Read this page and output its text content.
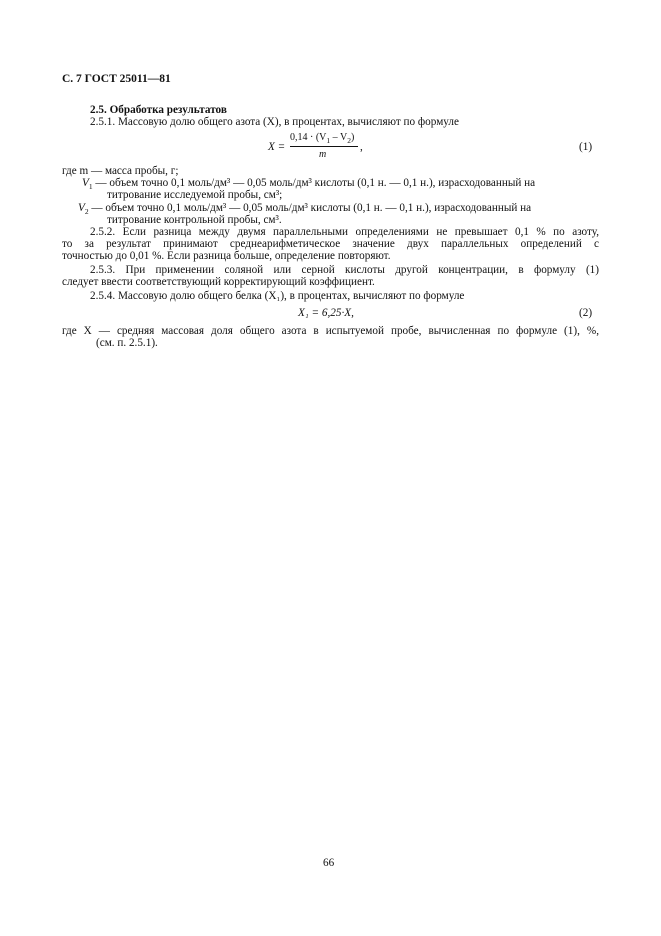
С. 7 ГОСТ 25011—81
2.5. Обработка результатов
2.5.1. Массовую долю общего азота (X), в процентах, вычисляют по формуле
X =
$0,14 \cdot (V_1 - V_2)$
m
,	(1)
где m — масса пробы, г;
$V_1$ — объем точно 0,1 моль/дм³ — 0,05 моль/дм³ кислоты (0,1 н. — 0,1 н.), израсходованный на
титрование исследуемой пробы, см³;
$V_2$ — объем точно 0,1 моль/дм³ — 0,05 моль/дм³ кислоты (0,1 н. — 0,1 н.), израсходованный на
титрование контрольной пробы, см³.
2.5.2. Если разница между двумя параллельными определениями не превышает 0,1 % по азоту,
то за результат принимают среднеарифметическое значение двух параллельных определений с
точностью до 0,01 %. Если разница больше, определение повторяют.
2.5.3. При применении соляной или серной кислоты другой концентрации, в формулу (1)
следует ввести соответствующий корректирующий коэффициент.
2.5.4. Массовую долю общего белка (X₁), в процентах, вычисляют по формуле
X₁ = 6,25·X,	(2)
где X — средняя массовая доля общего азота в испытуемой пробе, вычисленная по формуле (1), %,
(см. п. 2.5.1).
66
